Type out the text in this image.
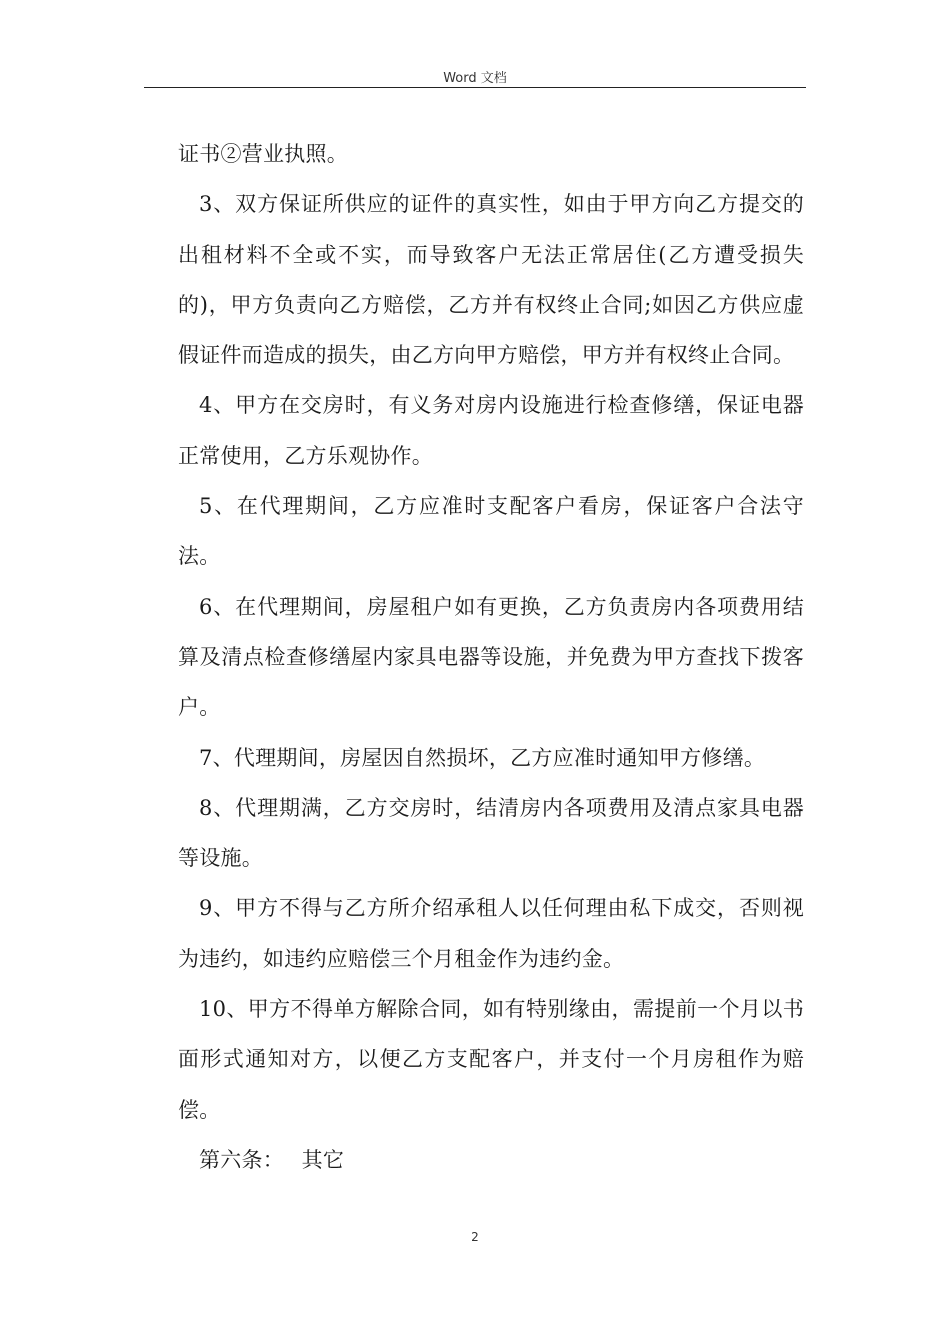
Word 文档

证书②营业执照。

3、双方保证所供应的证件的真实性，如由于甲方向乙方提交的出租材料不全或不实，而导致客户无法正常居住(乙方遭受损失的)，甲方负责向乙方赔偿，乙方并有权终止合同;如因乙方供应虚假证件而造成的损失，由乙方向甲方赔偿，甲方并有权终止合同。

4、甲方在交房时，有义务对房内设施进行检查修缮，保证电器正常使用，乙方乐观协作。

5、在代理期间，乙方应准时支配客户看房，保证客户合法守法。

6、在代理期间，房屋租户如有更换，乙方负责房内各项费用结算及清点检查修缮屋内家具电器等设施，并免费为甲方查找下拨客户。

7、代理期间，房屋因自然损坏，乙方应准时通知甲方修缮。

8、代理期满，乙方交房时，结清房内各项费用及清点家具电器等设施。

9、甲方不得与乙方所介绍承租人以任何理由私下成交，否则视为违约，如违约应赔偿三个月租金作为违约金。

10、甲方不得单方解除合同，如有特别缘由，需提前一个月以书面形式通知对方，以便乙方支配客户，并支付一个月房租作为赔偿。

第六条：　 其它

2
